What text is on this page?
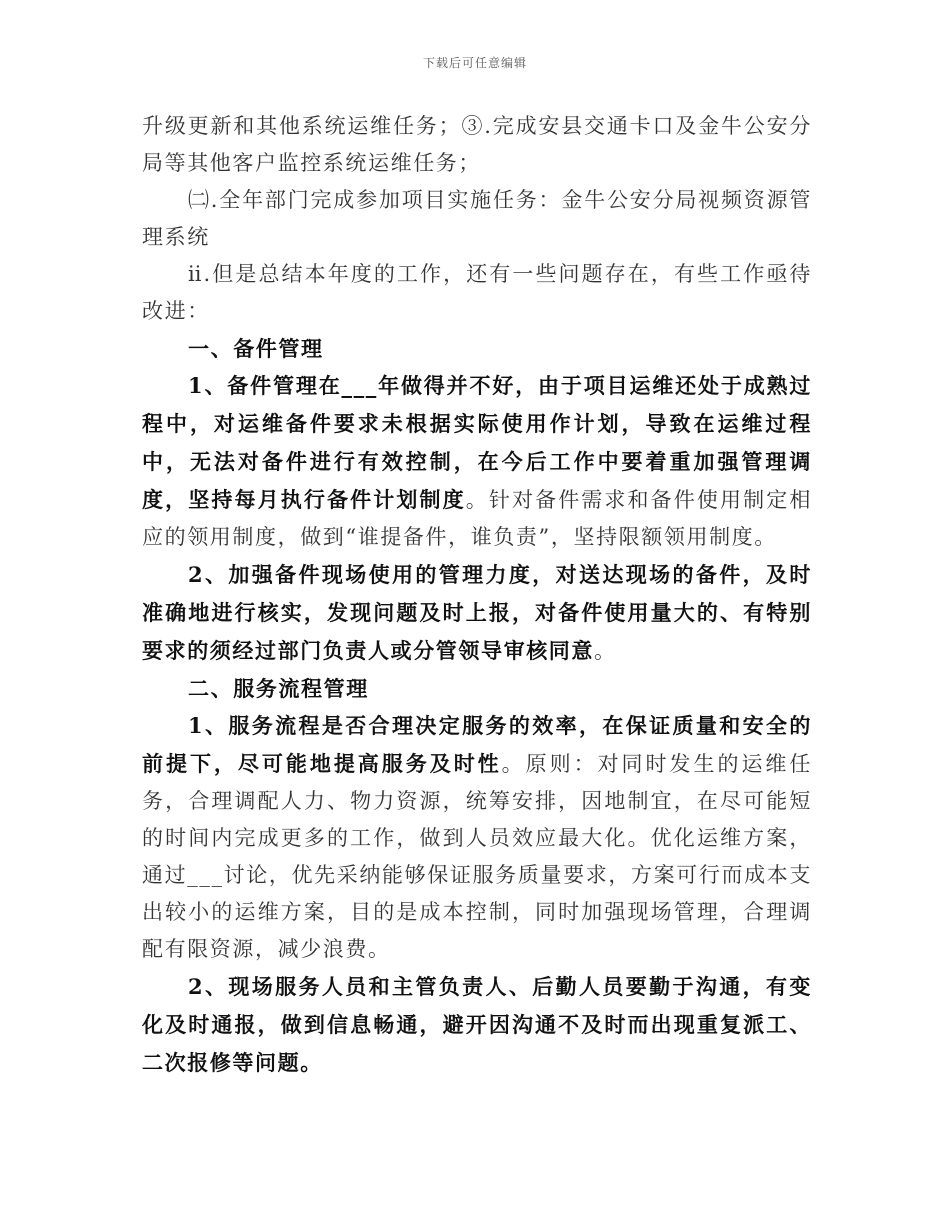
下载后可任意编辑

升级更新和其他系统运维任务；③.完成安县交通卡口及金牛公安分局等其他客户监控系统运维任务；

㈡.全年部门完成参加项目实施任务：金牛公安分局视频资源管理系统

ⅱ.但是总结本年度的工作，还有一些问题存在，有些工作亟待改进：

一、备件管理

1、备件管理在___年做得并不好，由于项目运维还处于成熟过程中，对运维备件要求未根据实际使用作计划，导致在运维过程中，无法对备件进行有效控制，在今后工作中要着重加强管理调度，坚持每月执行备件计划制度。针对备件需求和备件使用制定相应的领用制度，做到“谁提备件，谁负责”，坚持限额领用制度。

2、加强备件现场使用的管理力度，对送达现场的备件，及时准确地进行核实，发现问题及时上报，对备件使用量大的、有特别要求的须经过部门负责人或分管领导审核同意。

二、服务流程管理

1、服务流程是否合理决定服务的效率，在保证质量和安全的前提下，尽可能地提高服务及时性。原则：对同时发生的运维任务，合理调配人力、物力资源，统筹安排，因地制宜，在尽可能短的时间内完成更多的工作，做到人员效应最大化。优化运维方案，通过___讨论，优先采纳能够保证服务质量要求，方案可行而成本支出较小的运维方案，目的是成本控制，同时加强现场管理，合理调配有限资源，减少浪费。

2、现场服务人员和主管负责人、后勤人员要勤于沟通，有变化及时通报，做到信息畅通，避开因沟通不及时而出现重复派工、二次报修等问题。
